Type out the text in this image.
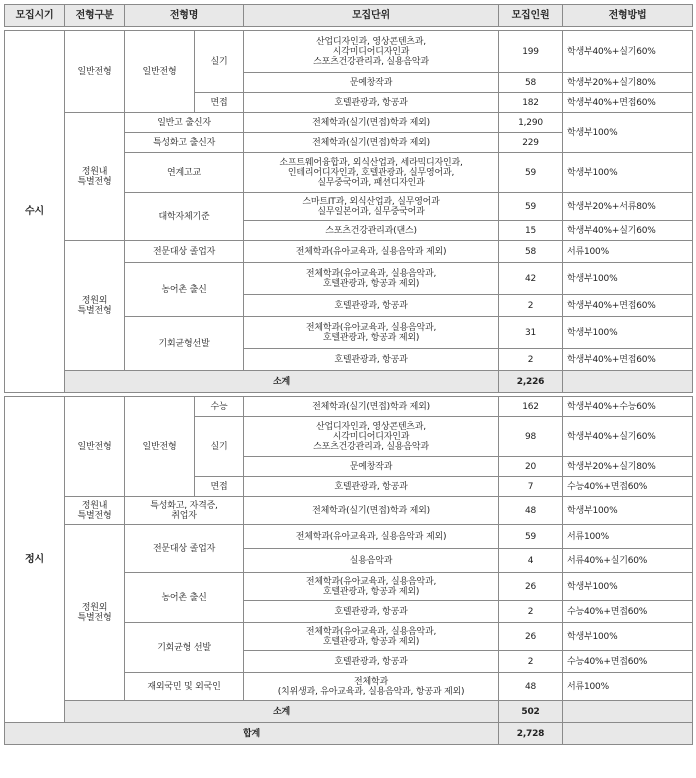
모집시기	전형구분	전형명		모집단위	모집인원	전형방법

수시	일반전형	일반전형	실기	산업디자인과, 영상콘텐츠과,
시각미디어디자인과
스포츠건강관리과, 실용음악과	199	학생부40%+실기60%
				문예창작과	58	학생부20%+실기80%
			면접	호텔관광과, 항공과	182	학생부40%+면접60%
	정원내
특별전형	일반고 출신자		전체학과(실기(면접)학과 제외)	1,290	학생부100%
		특성화고 출신자		전체학과(실기(면접)학과 제외)	229	
		연계고교		소프트웨어융합과, 외식산업과, 세라믹디자인과,
인테리어디자인과, 호텔관광과, 실무영어과,
실무중국어과, 패션디자인과	59	학생부100%
		대학자체기준		스마트IT과, 외식산업과, 실무영어과
실무일본어과, 실무중국어과	59	학생부20%+서류80%
				스포츠건강관리과(댄스)	15	학생부40%+실기60%
	정원외
특별전형	전문대상 졸업자		전체학과(유아교육과, 실용음악과 제외)	58	서류100%
		농어촌 출신		전체학과(유아교육과, 실용음악과,
호텔관광과, 항공과 제외)	42	학생부100%
				호텔관광과, 항공과	2	학생부40%+면접60%
		기회균형선발		전체학과(유아교육과, 실용음악과,
호텔관광과, 항공과 제외)	31	학생부100%
				호텔관광과, 항공과	2	학생부40%+면접60%
	소계				2,226	

정시	일반전형	일반전형	수능	전체학과(실기(면접)학과 제외)	162	학생부40%+수능60%
			실기	산업디자인과, 영상콘텐츠과,
시각미디어디자인과
스포츠건강관리과, 실용음악과	98	학생부40%+실기60%
				문예창작과	20	학생부20%+실기80%
			면접	호텔관광과, 항공과	7	수능40%+면접60%
	정원내
특별전형	특성화고, 자격증,
취업자		전체학과(실기(면접)학과 제외)	48	학생부100%
	정원외
특별전형	전문대상 졸업자		전체학과(유아교육과, 실용음악과 제외)	59	서류100%
				실용음악과	4	서류40%+실기60%
		농어촌 출신		전체학과(유아교육과, 실용음악과,
호텔관광과, 항공과 제외)	26	학생부100%
				호텔관광과, 항공과	2	수능40%+면접60%
		기회균형 선발		전체학과(유아교육과, 실용음악과,
호텔관광과, 항공과 제외)	26	학생부100%
				호텔관광과, 항공과	2	수능40%+면접60%
		재외국민 및 외국인		전체학과
(치위생과, 유아교육과, 실용음악과, 항공과 제외)	48	서류100%
	소계				502	
합계					2,728	
